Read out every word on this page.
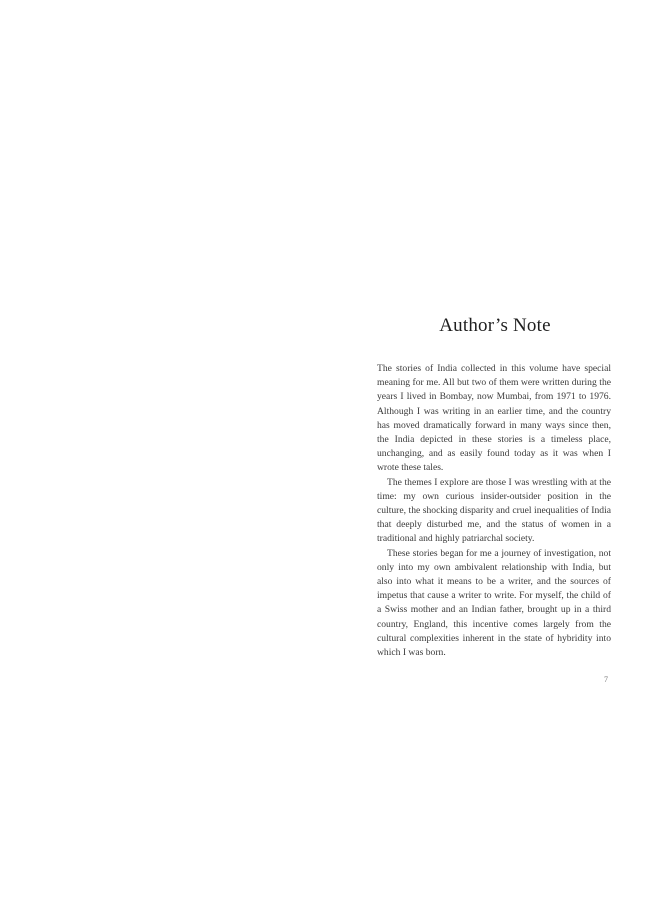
Author’s Note

The stories of India collected in this volume have special meaning for me. All but two of them were written during the years I lived in Bombay, now Mumbai, from 1971 to 1976. Although I was writing in an earlier time, and the country has moved dramatically forward in many ways since then, the India depicted in these stories is a timeless place, unchanging, and as easily found today as it was when I wrote these tales.

The themes I explore are those I was wrestling with at the time: my own curious insider-outsider position in the culture, the shocking disparity and cruel inequalities of India that deeply disturbed me, and the status of women in a traditional and highly patriarchal society.

These stories began for me a journey of investigation, not only into my own ambivalent relationship with India, but also into what it means to be a writer, and the sources of impetus that cause a writer to write. For myself, the child of a Swiss mother and an Indian father, brought up in a third country, England, this incentive comes largely from the cultural complexities inherent in the state of hybridity into which I was born.

7
